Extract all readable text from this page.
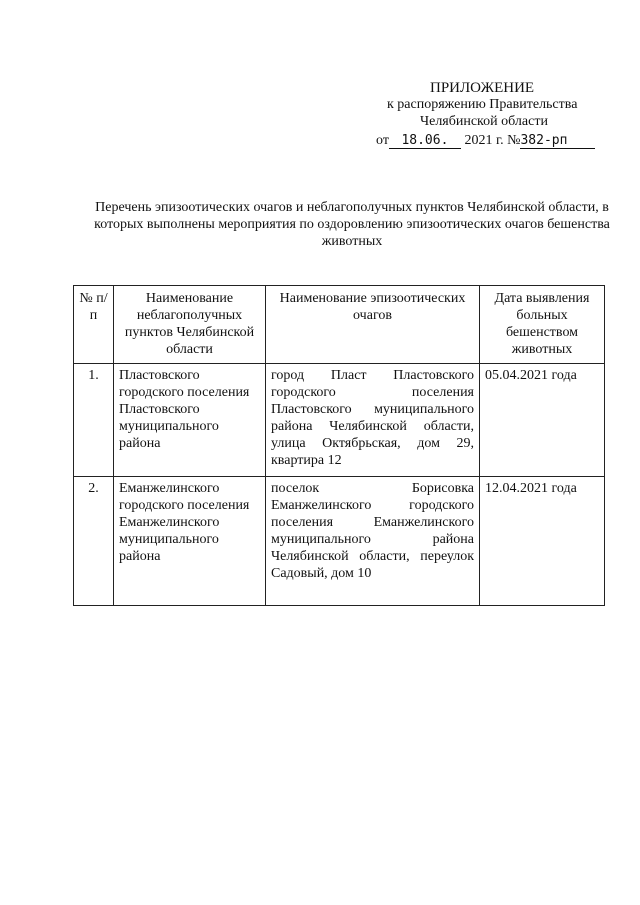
ПРИЛОЖЕНИЕ
к распоряжению Правительства
Челябинской области
от 18.06. 2021 г. №382-рп
Перечень эпизоотических очагов и неблагополучных пунктов Челябинской области, в которых выполнены мероприятия по оздоровлению эпизоотических очагов бешенства животных
№ п/п	Наименование неблагополучных пунктов Челябинской области	Наименование эпизоотических очагов	Дата выявления больных бешенством животных
1.	Пластовского городского поселения Пластовского муниципального района	город Пласт Пластовского городского поселения Пластовского муниципального района Челябинской области, улица Октябрьская, дом 29, квартира 12	05.04.2021 года
2.	Еманжелинского городского поселения Еманжелинского муниципального района	поселок Борисовка Еманжелинского городского поселения Еманжелинского муниципального района Челябинской области, переулок Садовый, дом 10	12.04.2021 года
